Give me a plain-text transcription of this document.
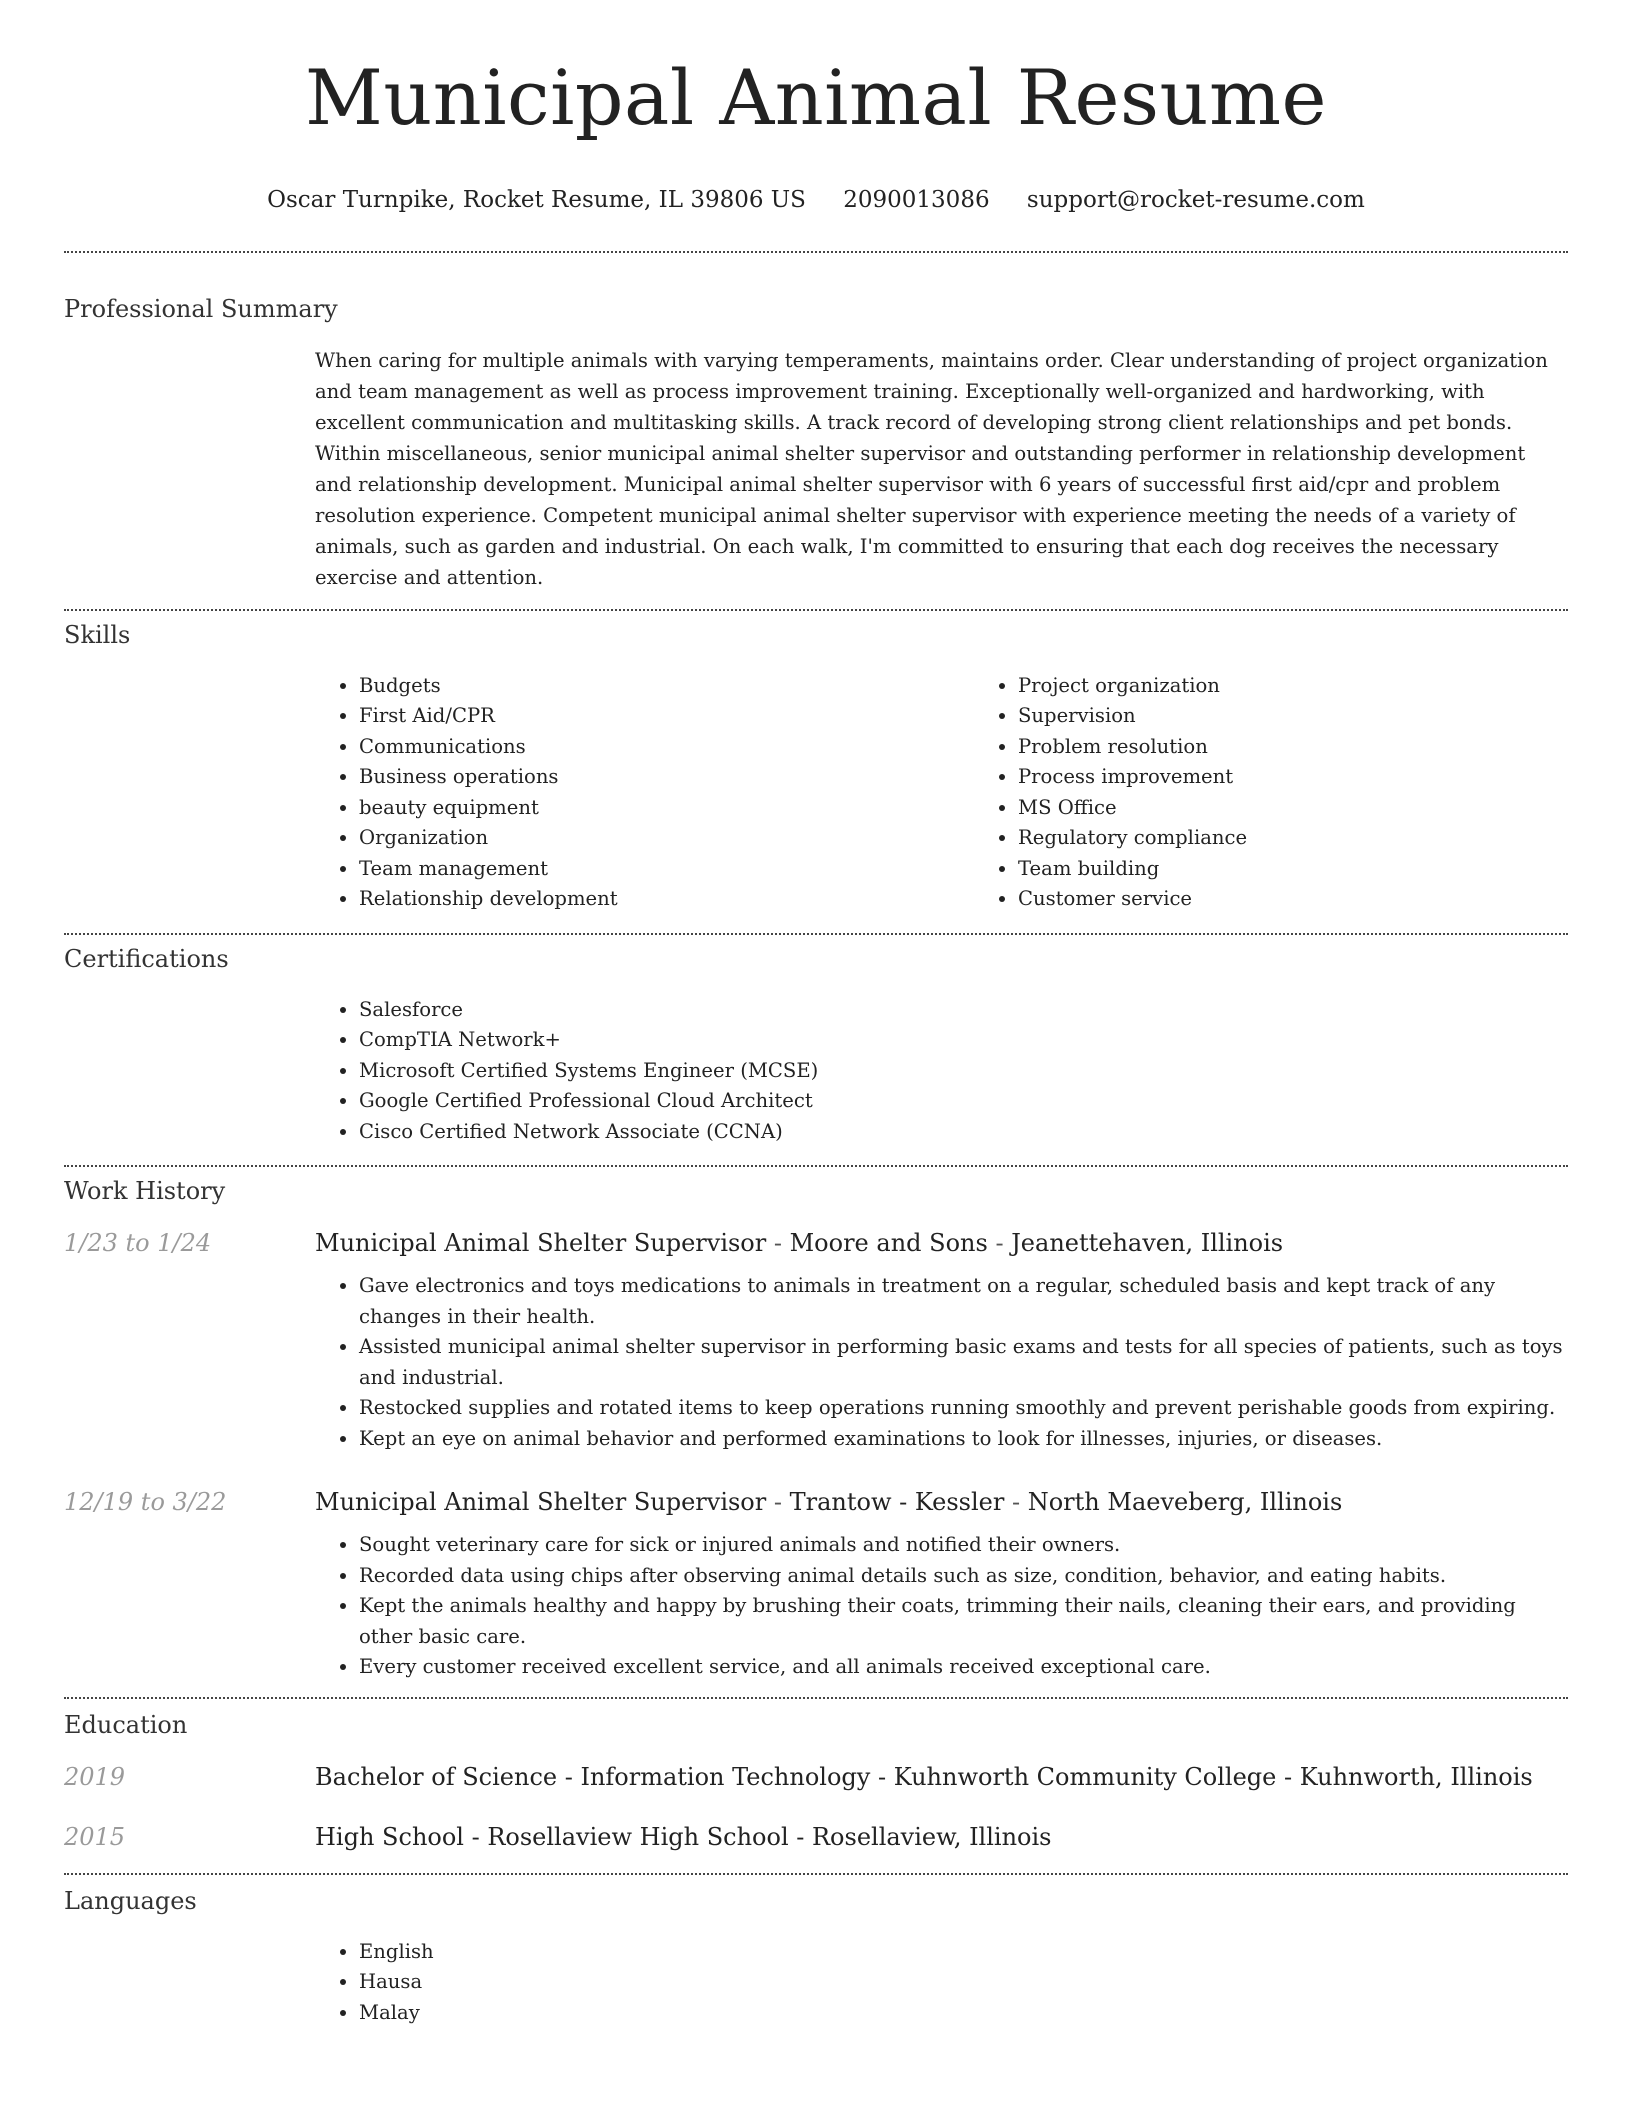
Municipal Animal Resume
Oscar Turnpike, Rocket Resume, IL 39806 US 2090013086 support@rocket-resume.com
Professional Summary
When caring for multiple animals with varying temperaments, maintains order. Clear understanding of project organization and team management as well as process improvement training. Exceptionally well-organized and hardworking, with excellent communication and multitasking skills. A track record of developing strong client relationships and pet bonds. Within miscellaneous, senior municipal animal shelter supervisor and outstanding performer in relationship development and relationship development. Municipal animal shelter supervisor with 6 years of successful first aid/cpr and problem resolution experience. Competent municipal animal shelter supervisor with experience meeting the needs of a variety of animals, such as garden and industrial. On each walk, I'm committed to ensuring that each dog receives the necessary exercise and attention.
Skills
• Budgets
• First Aid/CPR
• Communications
• Business operations
• beauty equipment
• Organization
• Team management
• Relationship development
• Project organization
• Supervision
• Problem resolution
• Process improvement
• MS Office
• Regulatory compliance
• Team building
• Customer service
Certifications
• Salesforce
• CompTIA Network+
• Microsoft Certified Systems Engineer (MCSE)
• Google Certified Professional Cloud Architect
• Cisco Certified Network Associate (CCNA)
Work History
1/23 to 1/24	Municipal Animal Shelter Supervisor - Moore and Sons - Jeanettehaven, Illinois
• Gave electronics and toys medications to animals in treatment on a regular, scheduled basis and kept track of any changes in their health.
• Assisted municipal animal shelter supervisor in performing basic exams and tests for all species of patients, such as toys and industrial.
• Restocked supplies and rotated items to keep operations running smoothly and prevent perishable goods from expiring.
• Kept an eye on animal behavior and performed examinations to look for illnesses, injuries, or diseases.
12/19 to 3/22	Municipal Animal Shelter Supervisor - Trantow - Kessler - North Maeveberg, Illinois
• Sought veterinary care for sick or injured animals and notified their owners.
• Recorded data using chips after observing animal details such as size, condition, behavior, and eating habits.
• Kept the animals healthy and happy by brushing their coats, trimming their nails, cleaning their ears, and providing other basic care.
• Every customer received excellent service, and all animals received exceptional care.
Education
2019	Bachelor of Science - Information Technology - Kuhnworth Community College - Kuhnworth, Illinois
2015	High School - Rosellaview High School - Rosellaview, Illinois
Languages
• English
• Hausa
• Malay
